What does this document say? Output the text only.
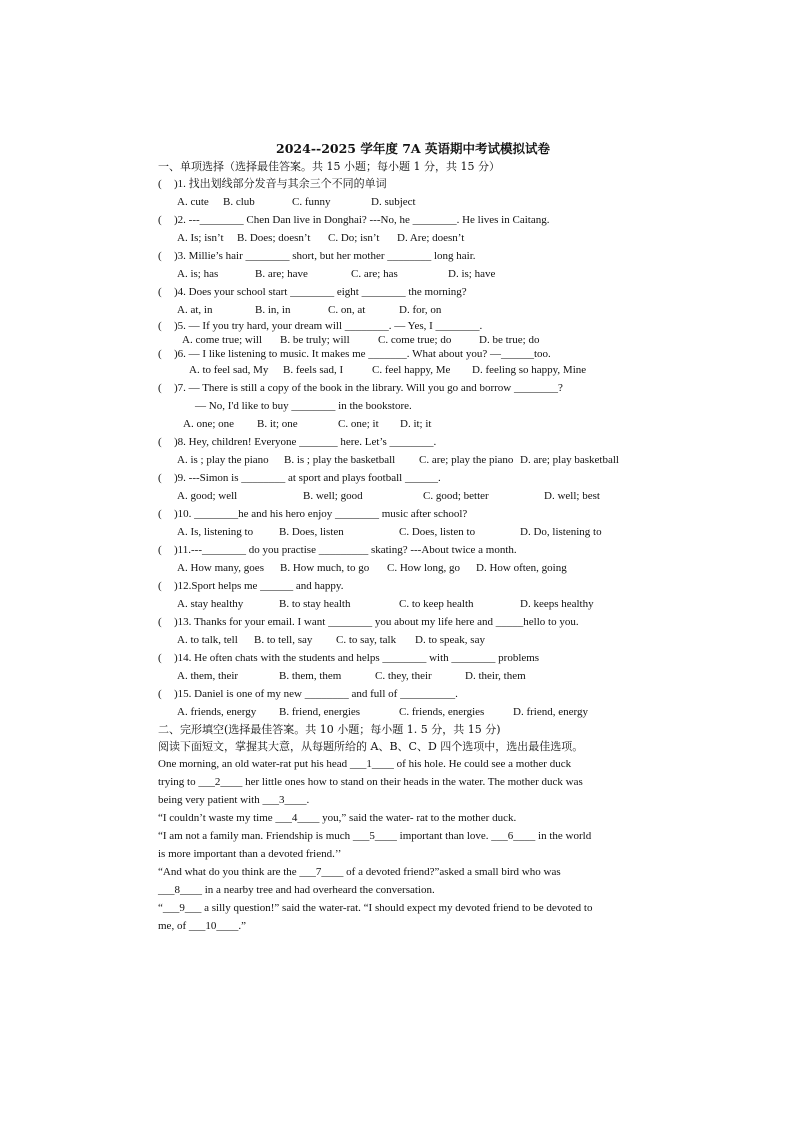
2024--2025 学年度 7A 英语期中考试模拟试卷
一、单项选择（选择最佳答案。共 15 小题；每小题 1 分，共 15 分）
( )1. 找出划线部分发音与其余三个不同的单词
A. cute B. club	C. funny	D. subject
( )2. ---________ Chen Dan live in Donghai? ---No, he ________. He lives in Caitang.
A. Is; isn’t B. Does; doesn’t C. Do; isn’t D. Are; doesn’t
( )3. Millie’s hair ________ short, but her mother ________ long hair.
A. is; has	B. are; have	C. are; has	D. is; have
( )4. Does your school start ________ eight ________ the morning?
A. at, in	B. in, in	C. on, at	D. for, on
( )5. — If you try hard, your dream will ________. — Yes, I ________.
A. come true; will B. be truly; will	C. come true; do	D. be true; do
( )6. — I like listening to music. It makes me _______. What about you? —______too.
A. to feel sad, My B. feels sad, I	C. feel happy, Me D. feeling so happy, Mine
( )7. — There is still a copy of the book in the library. Will you go and borrow ________?
— No, I'd like to buy ________ in the bookstore.
A. one; one B. it; one	C. one; it D. it; it
( )8. Hey, children! Everyone _______ here. Let’s ________.
A. is ; play the piano B. is ; play the basketball C. are; play the piano D. are; play basketball
( )9. ---Simon is ________ at sport and plays football ______.
A. good; well	B. well; good	C. good; better	D. well; best
( )10. ________he and his hero enjoy ________ music after school?
A. Is, listening to B. Does, listen	C. Does, listen to	D. Do, listening to
( )11.---________ do you practise _________ skating? ---About twice a month.
A. How many, goes B. How much, to go C. How long, go D. How often, going
( )12.Sport helps me ______ and happy.
A. stay healthy	B. to stay health	C. to keep health	D. keeps healthy
( )13. Thanks for your email. I want ________ you about my life here and _____hello to you.
A. to talk, tell B. to tell, say C. to say, talk D. to speak, say
( )14. He often chats with the students and helps ________ with ________ problems
A. them, their	B. them, them	C. they, their	D. their, them
( )15. Daniel is one of my new ________ and full of __________.
A. friends, energy B. friend, energies	C. friends, energies	D. friend, energy
二、完形填空(选择最佳答案。共 10 小题；每小题 1. 5 分，共 15 分)
阅读下面短文，掌握其大意，从每题所给的 A、B、C、D 四个选项中，选出最佳选项。
One morning, an old water-rat put his head ___1____ of his hole. He could see a mother duck
trying to ___2____ her little ones how to stand on their heads in the water. The mother duck was
being very patient with ___3____.
“I couldn’t waste my time ___4____ you,” said the water- rat to the mother duck.
“I am not a family man. Friendship is much ___5____ important than love. ___6____ in the world
is more important than a devoted friend.’’
“And what do you think are the ___7____ of a devoted friend?”asked a small bird who was
___8____ in a nearby tree and had overheard the conversation.
“___9___ a silly question!” said the water-rat. “I should expect my devoted friend to be devoted to
me, of ___10____.”
